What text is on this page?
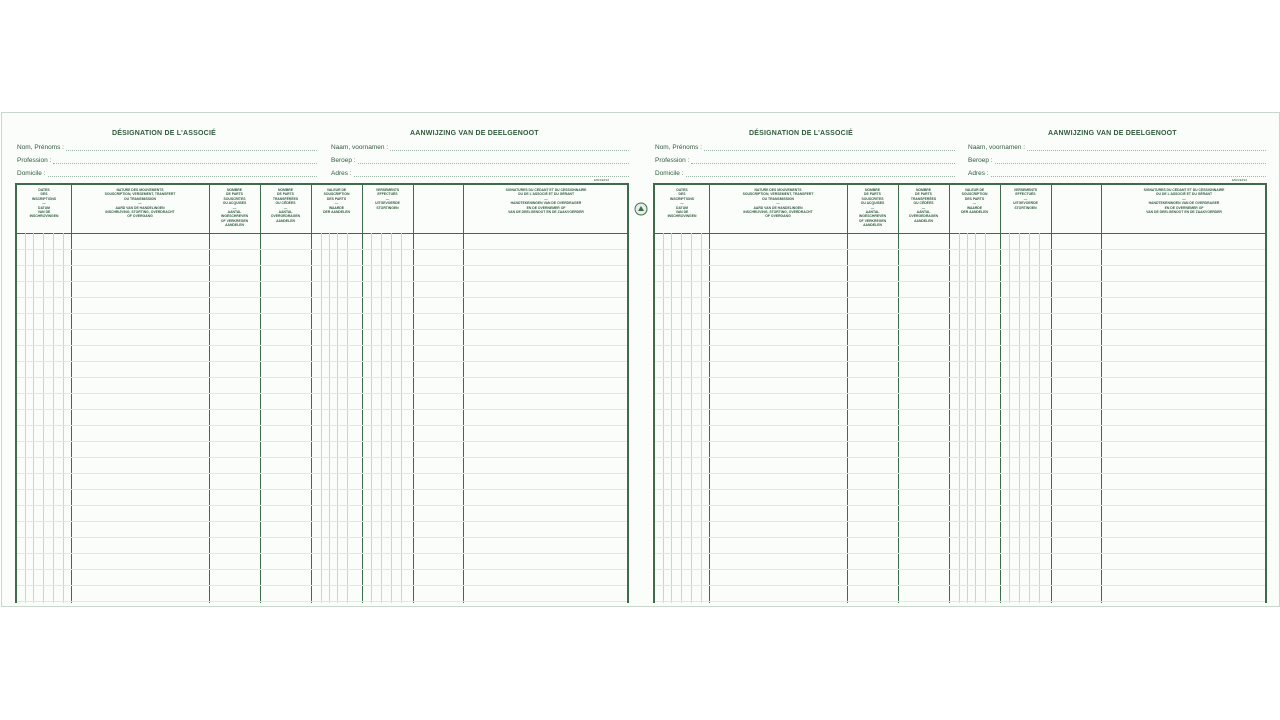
DÉSIGNATION DE L'ASSOCIÉ	AANWIJZING VAN DE DEELGENOOT
Nom, Prénoms :
Profession :
Domicile :
Naam, voornamen :
Beroep :
Adres :
E503/EP16
DATES
DES
INSCRIPTIONS
—
DATUM
VAN DE
INSCHRIJVINGEN
NATURE DES MOUVEMENTS
SOUSCRIPTION, VERSEMENT, TRANSFERT
OU TRANSMISSION
—
AARD VAN DE HANDELINGEN
INSCHRIJVING, STORTING, OVERDRACHT
OF OVERGANG
NOMBRE
DE PARTS
SOUSCRITES
OU ACQUISES
—
AANTAL
INGESCHREVEN
OF VERKREGEN
AANDELEN
NOMBRE
DE PARTS
TRANSFÉRÉES
OU CÉDÉES
—
AANTAL
OVERGEDRAGEN
AANDELEN
VALEUR DE
SOUSCRIPTION
DES PARTS
—
WAARDE
DER AANDELEN
VERSEMENTS
EFFECTUÉS
—
UITGEVOERDE
STORTINGEN
SIGNATURES DU CÉDANT ET DU CESSIONNAIRE
OU DE L'ASSOCIÉ ET DU GÉRANT
—
HANDTEKENINGEN VAN DE OVERDRAGER
EN DE OVERNEMER OF
VAN DE DEELGENOOT EN DE ZAAKVOERDER
DÉSIGNATION DE L'ASSOCIÉ	AANWIJZING VAN DE DEELGENOOT
Nom, Prénoms :
Profession :
Domicile :
Naam, voornamen :
Beroep :
Adres :
E503/EP16
DATES
DES
INSCRIPTIONS
—
DATUM
VAN DE
INSCHRIJVINGEN
NATURE DES MOUVEMENTS
SOUSCRIPTION, VERSEMENT, TRANSFERT
OU TRANSMISSION
—
AARD VAN DE HANDELINGEN
INSCHRIJVING, STORTING, OVERDRACHT
OF OVERGANG
NOMBRE
DE PARTS
SOUSCRITES
OU ACQUISES
—
AANTAL
INGESCHREVEN
OF VERKREGEN
AANDELEN
NOMBRE
DE PARTS
TRANSFÉRÉES
OU CÉDÉES
—
AANTAL
OVERGEDRAGEN
AANDELEN
VALEUR DE
SOUSCRIPTION
DES PARTS
—
WAARDE
DER AANDELEN
VERSEMENTS
EFFECTUÉS
—
UITGEVOERDE
STORTINGEN
SIGNATURES DU CÉDANT ET DU CESSIONNAIRE
OU DE L'ASSOCIÉ ET DU GÉRANT
—
HANDTEKENINGEN VAN DE OVERDRAGER
EN DE OVERNEMER OF
VAN DE DEELGENOOT EN DE ZAAKVOERDER
